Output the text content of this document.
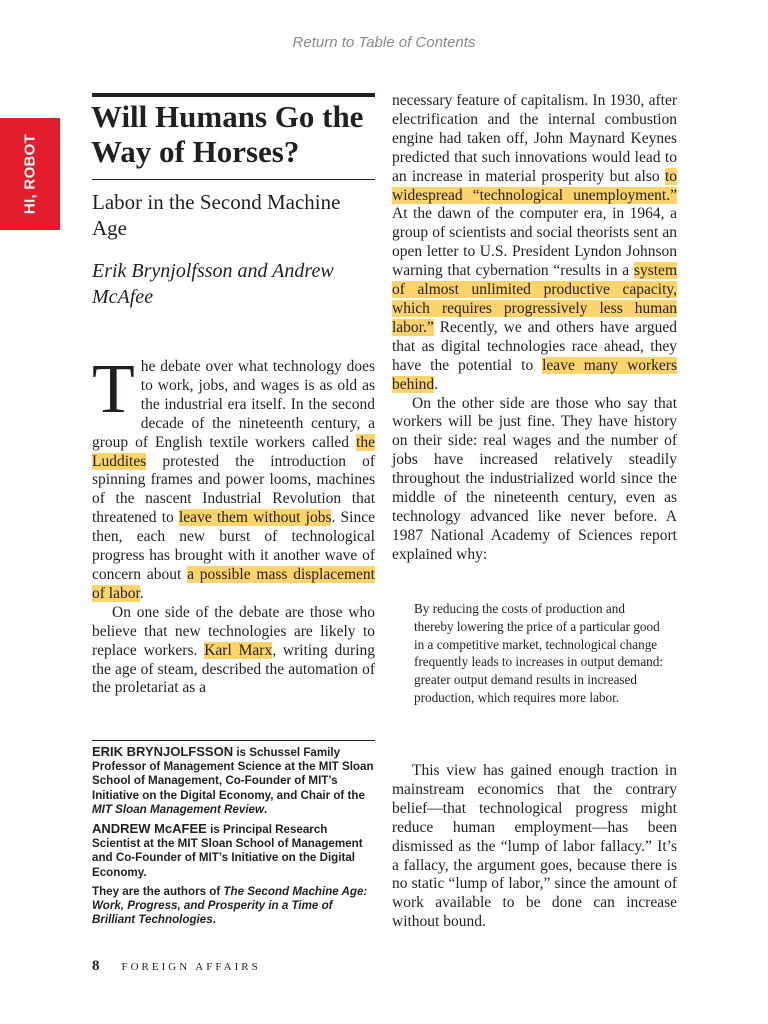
Return to Table of Contents
HI, ROBOT
Will Humans Go the Way of Horses?
Labor in the Second Machine Age

Erik Brynjolfsson and Andrew McAfee

The debate over what technology does to work, jobs, and wages is as old as the industrial era itself. In the second decade of the nineteenth century, a group of English textile workers called the Luddites protested the introduction of spinning frames and power looms, machines of the nascent Industrial Revolution that threatened to leave them without jobs. Since then, each new burst of technological progress has brought with it another wave of concern about a possible mass displacement of labor.

On one side of the debate are those who believe that new technologies are likely to replace workers. Karl Marx, writing during the age of steam, described the automation of the proletariat as a

ERIK BRYNJOLFSSON is Schussel Family Professor of Management Science at the MIT Sloan School of Management, Co-Founder of MIT’s Initiative on the Digital Economy, and Chair of the MIT Sloan Management Review.

ANDREW McAFEE is Principal Research Scientist at the MIT Sloan School of Management and Co-Founder of MIT’s Initiative on the Digital Economy.

They are the authors of The Second Machine Age: Work, Progress, and Prosperity in a Time of Brilliant Technologies.

necessary feature of capitalism. In 1930, after electrification and the internal combustion engine had taken off, John Maynard Keynes predicted that such innovations would lead to an increase in material prosperity but also to widespread “technological unemployment.” At the dawn of the computer era, in 1964, a group of scientists and social theorists sent an open letter to U.S. President Lyndon Johnson warning that cybernation “results in a system of almost unlimited productive capacity, which requires progressively less human labor.” Recently, we and others have argued that as digital technologies race ahead, they have the potential to leave many workers behind.

On the other side are those who say that workers will be just fine. They have history on their side: real wages and the number of jobs have increased relatively steadily throughout the industrialized world since the middle of the nineteenth century, even as technology advanced like never before. A 1987 National Academy of Sciences report explained why:

By reducing the costs of production and thereby lowering the price of a particular good in a competitive market, technological change frequently leads to increases in output demand: greater output demand results in increased production, which requires more labor.

This view has gained enough traction in mainstream economics that the contrary belief—that technological progress might reduce human employment—has been dismissed as the “lump of labor fallacy.” It’s a fallacy, the argument goes, because there is no static “lump of labor,” since the amount of work available to be done can increase without bound.

8 FOREIGN AFFAIRS
